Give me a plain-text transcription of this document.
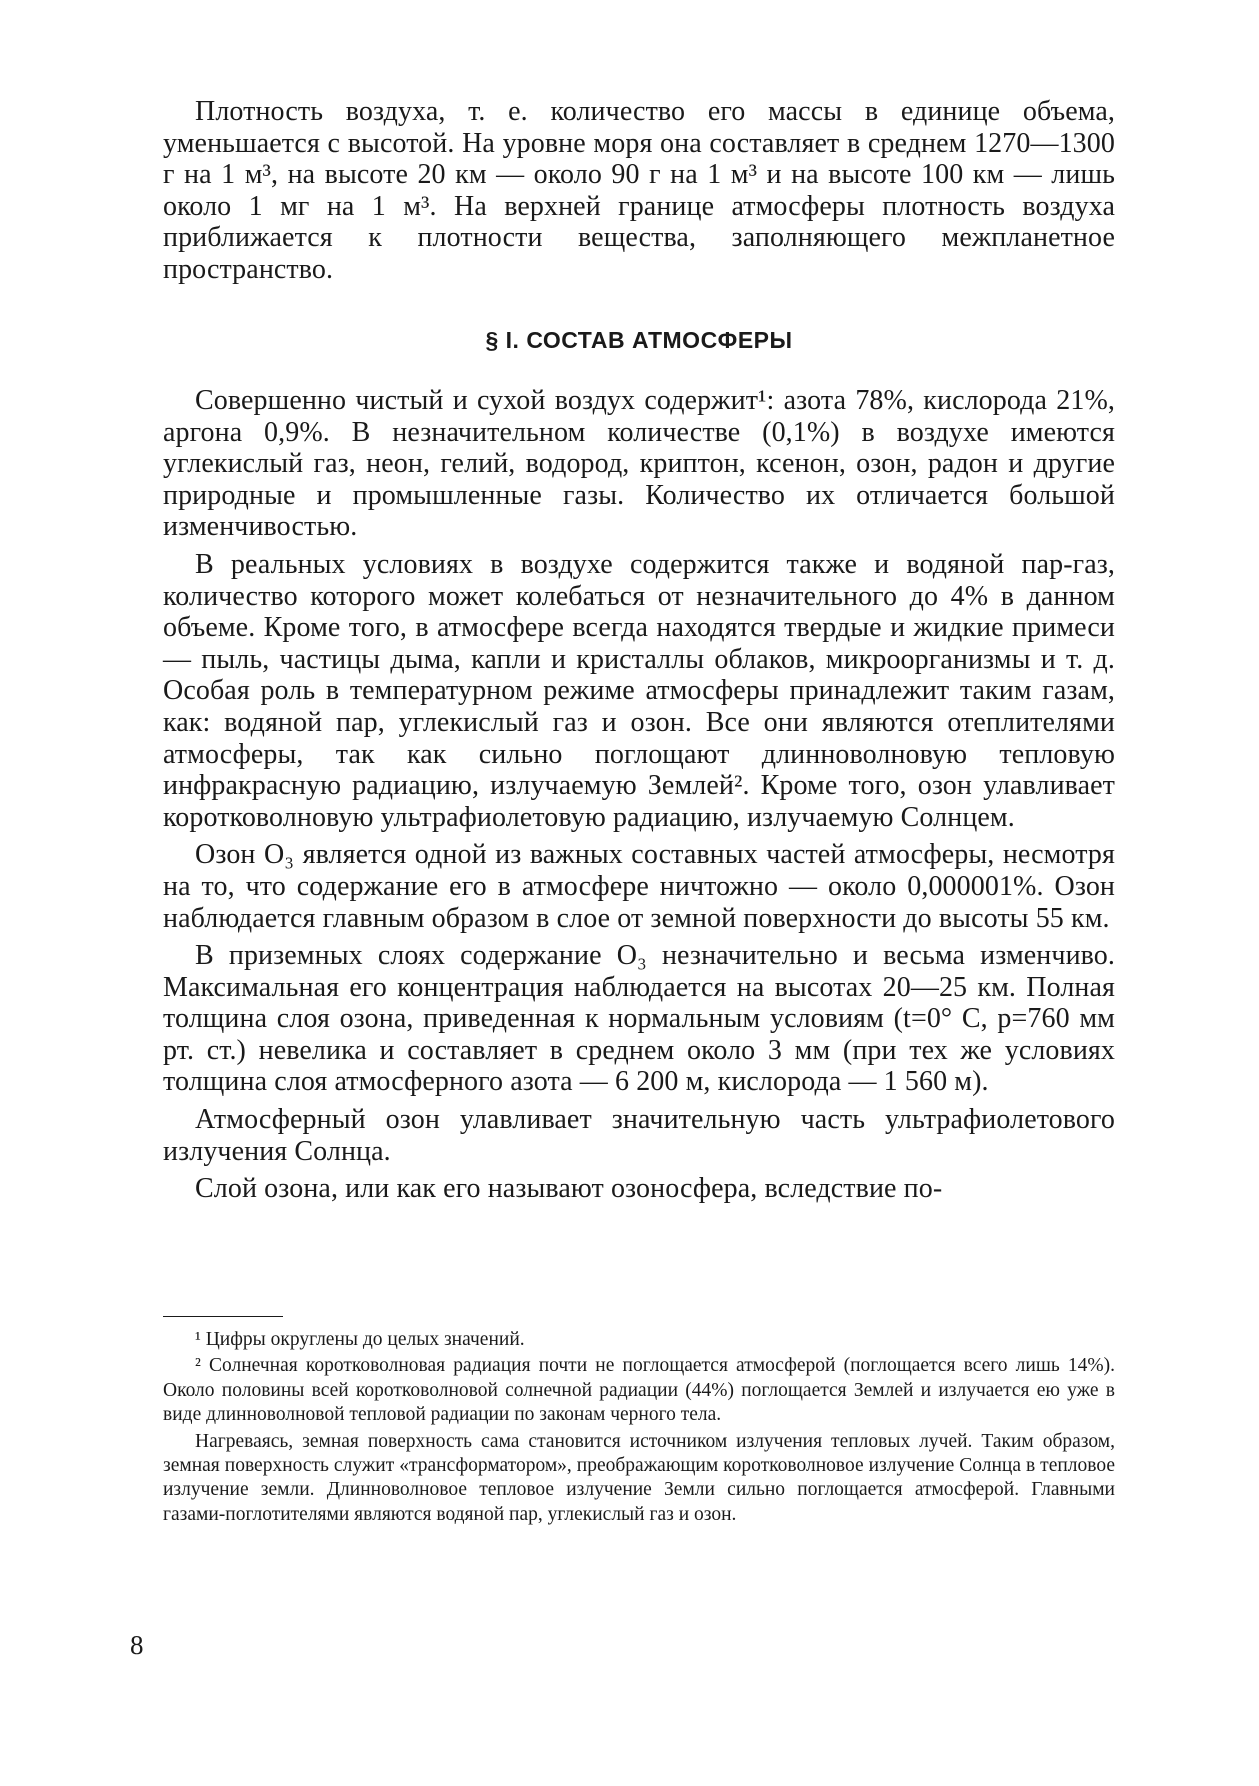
Плотность воздуха, т. е. количество его массы в единице объема, уменьшается с высотой. На уровне моря она составляет в среднем 1270—1300 г на 1 м³, на высоте 20 км — около 90 г на 1 м³ и на высоте 100 км — лишь около 1 мг на 1 м³. На верхней границе атмосферы плотность воздуха приближается к плотности вещества, заполняющего межпланетное пространство.

§ I. СОСТАВ АТМОСФЕРЫ

Совершенно чистый и сухой воздух содержит¹: азота 78%, кислорода 21%, аргона 0,9%. В незначительном количестве (0,1%) в воздухе имеются углекислый газ, неон, гелий, водород, криптон, ксенон, озон, радон и другие природные и промышленные газы. Количество их отличается большой изменчивостью.

В реальных условиях в воздухе содержится также и водяной пар-газ, количество которого может колебаться от незначительного до 4% в данном объеме. Кроме того, в атмосфере всегда находятся твердые и жидкие примеси — пыль, частицы дыма, капли и кристаллы облаков, микроорганизмы и т. д. Особая роль в температурном режиме атмосферы принадлежит таким газам, как: водяной пар, углекислый газ и озон. Все они являются отеплителями атмосферы, так как сильно поглощают длинноволновую тепловую инфракрасную радиацию, излучаемую Землей². Кроме того, озон улавливает коротковолновую ультрафиолетовую радиацию, излучаемую Солнцем.

Озон O₃ является одной из важных составных частей атмосферы, несмотря на то, что содержание его в атмосфере ничтожно — около 0,000001%. Озон наблюдается главным образом в слое от земной поверхности до высоты 55 км.

В приземных слоях содержание O₃ незначительно и весьма изменчиво. Максимальная его концентрация наблюдается на высотах 20—25 км. Полная толщина слоя озона, приведенная к нормальным условиям (t=0° C, p=760 мм рт. ст.) невелика и составляет в среднем около 3 мм (при тех же условиях толщина слоя атмосферного азота — 6 200 м, кислорода — 1 560 м).

Атмосферный озон улавливает значительную часть ультрафиолетового излучения Солнца.

Слой озона, или как его называют озоносфера, вследствие по-

¹ Цифры округлены до целых значений.

² Солнечная коротковолновая радиация почти не поглощается атмосферой (поглощается всего лишь 14%). Около половины всей коротковолновой солнечной радиации (44%) поглощается Землей и излучается ею уже в виде длинноволновой тепловой радиации по законам черного тела.

Нагреваясь, земная поверхность сама становится источником излучения тепловых лучей. Таким образом, земная поверхность служит «трансформатором», преображающим коротковолновое излучение Солнца в тепловое излучение земли. Длинноволновое тепловое излучение Земли сильно поглощается атмосферой. Главными газами-поглотителями являются водяной пар, углекислый газ и озон.

8
